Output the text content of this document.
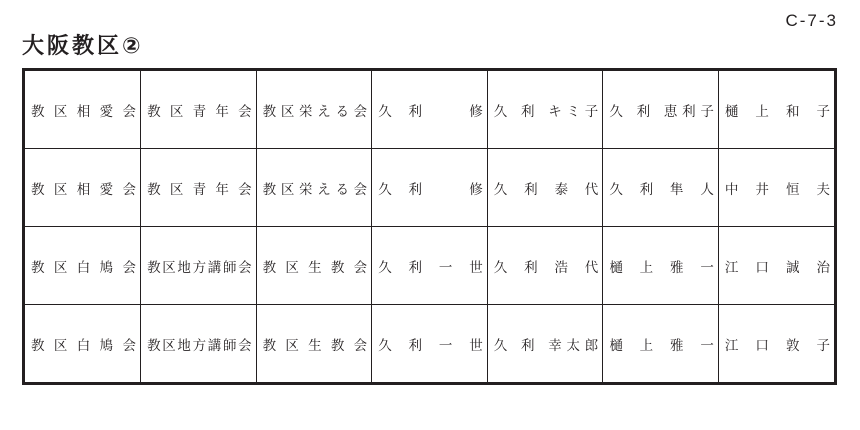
C-7-3
大阪教区②
教 区 相 愛 会	教 区 青 年 会	教区栄える会	久 利 　 修	久 利 キミ子	久 利 恵利子	樋 上 和 子

教 区 相 愛 会	教 区 青 年 会	教区栄える会	久 利 　 修	久 利 泰 代	久 利 隼 人	中 井 恒 夫

教 区 白 鳩 会	教区地方講師会	教 区 生 教 会	久 利 一 世	久 利 浩 代	樋 上 雅 一	江 口 誠 治

教 区 白 鳩 会	教区地方講師会	教 区 生 教 会	久 利 一 世	久 利 幸太郎	樋 上 雅 一	江 口 敦 子
